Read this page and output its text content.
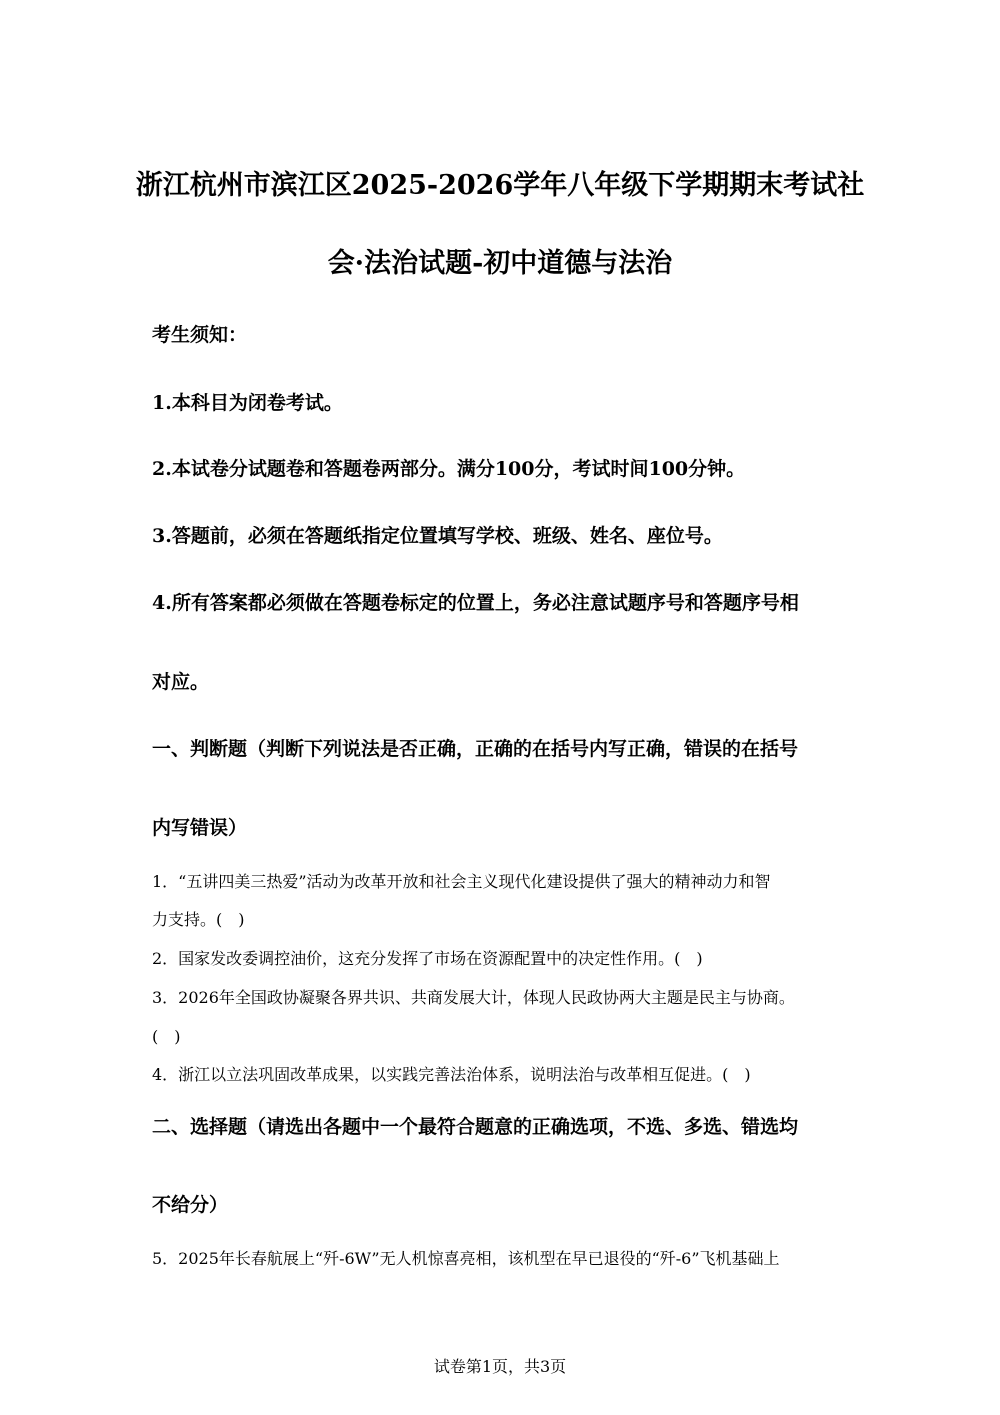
浙江杭州市滨江区2025-2026学年八年级下学期期末考试社
会·法治试题-初中道德与法治
考生须知：
1.本科目为闭卷考试。
2.本试卷分试题卷和答题卷两部分。满分100分，考试时间100分钟。
3.答题前，必须在答题纸指定位置填写学校、班级、姓名、座位号。
4.所有答案都必须做在答题卷标定的位置上，务必注意试题序号和答题序号相
对应。
一、判断题（判断下列说法是否正确，正确的在括号内写正确，错误的在括号
内写错误）
1．“五讲四美三热爱”活动为改革开放和社会主义现代化建设提供了强大的精神动力和智
力支持。(　)
2．国家发改委调控油价，这充分发挥了市场在资源配置中的决定性作用。(　)
3．2026年全国政协凝聚各界共识、共商发展大计，体现人民政协两大主题是民主与协商。
(　)
4．浙江以立法巩固改革成果，以实践完善法治体系，说明法治与改革相互促进。(　)
二、选择题（请选出各题中一个最符合题意的正确选项，不选、多选、错选均
不给分）
5．2025年长春航展上“歼-6W”无人机惊喜亮相，该机型在早已退役的“歼-6”飞机基础上
试卷第1页，共3页
